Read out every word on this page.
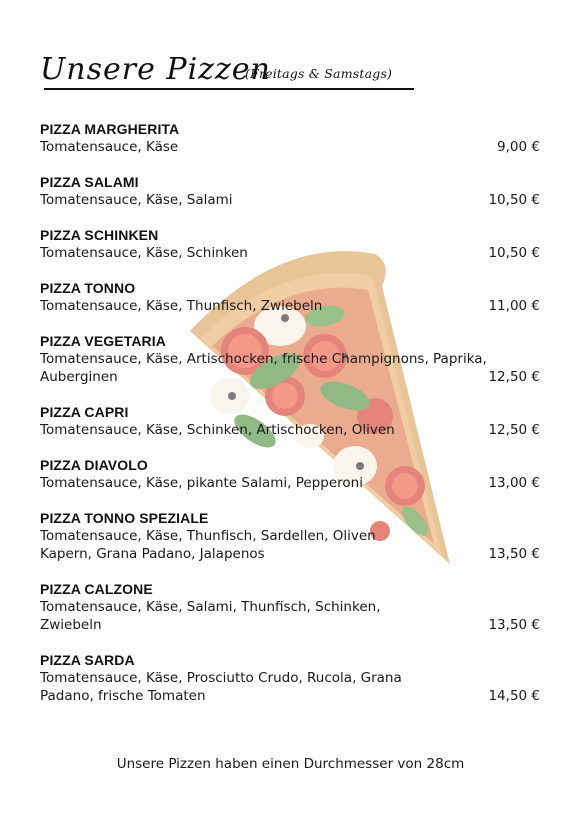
Unsere Pizzen
(Freitags & Samstags)
PIZZA MARGHERITA
Tomatensauce, Käse	9,00 €
PIZZA SALAMI
Tomatensauce, Käse, Salami	10,50 €
PIZZA SCHINKEN
Tomatensauce, Käse, Schinken	10,50 €
PIZZA TONNO
Tomatensauce, Käse, Thunfisch, Zwiebeln	11,00 €
PIZZA VEGETARIA
Tomatensauce, Käse, Artischocken, frische Champignons, Paprika, Auberginen	12,50 €
PIZZA CAPRI
Tomatensauce, Käse, Schinken, Artischocken, Oliven	12,50 €
PIZZA DIAVOLO
Tomatensauce, Käse, pikante Salami, Pepperoni	13,00 €
PIZZA TONNO SPEZIALE
Tomatensauce, Käse, Thunfisch, Sardellen, Oliven Kapern, Grana Padano, Jalapenos	13,50 €
PIZZA CALZONE
Tomatensauce, Käse, Salami, Thunfisch, Schinken, Zwiebeln	13,50 €
PIZZA SARDA
Tomatensauce, Käse, Prosciutto Crudo, Rucola, Grana Padano, frische Tomaten	14,50 €
Unsere Pizzen haben einen Durchmesser von 28cm
